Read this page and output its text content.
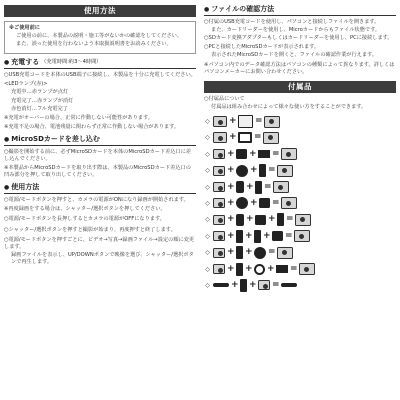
使用方法

※ご使用前に

ご使用の前に、本製品の説明・施工等がないかの確認をしてください。

また、誤った使用を行わないよう本取扱説明書をお読みください。

● 充電する （充電時間:約3〜4時間）

○USB充電コードを本体のUSB端子に接続し、本製品を十分に充電してください。

<LEDランプ(赤)>

充電中…赤ランプが点灯

充電完了…赤ランプが消灯

赤色消灯…フル充電完了

※充電がオーバーの場合、正常に作動しない可能性があります。

※充電不足の場合、電池残量に関わらず正常に作動しない場合があります。

● MicroSDカードを差し込む

○撮影を開始する前に、必ずMicroSDカードを本体のMicroSDカード差込口に差し込んでください。

※本製品からMicroSDカードを取り出す際は、本製品のMicroSDカード差込口の凹み部分を押して取り出してください。

● 使用方法

○電源/モードボタンを押すと、カメラの電源がONになり録画が開始されます。

※再度録画をする場合は、シャッター/選択ボタンを押してください。

○電源/モードボタンを長押しするとカメラの電源がOFFになります。

○シャッター/選択ボタンを押すと撮影が始まり、再度押すと終了します。

○電源/モードボタンを押すごとに、ビデオ→写真→録画ファイル→設定の順に変更します。

録画ファイルを表示し、UP/DOWNボタンで映像を選び、シャッター/選択ボタンで再生します。

● ファイルの確認方法

○付属のUSB充電コードを使用し、パソコンと接続しファイルを開きます。

また、カードリーダーを使用し、Microカードからもファイル状態です。

○SDカード変換アダプターもしくはカードリーダーを使用し、PCに接続します。

○PCと接続したMicroSDカードが表示されます。

表示されたMicroSDカードを開くと、ファイルの確認作業が行えます。

※パソコン内でのデータ確認方法はパソコンの種類によって異なります。詳しくはパソコンメーカーにお問い合わせください。

付属品

○付属品について

付属品は組み合わせによって様々な使い方をすることができます。

◇ + =
◇ + =
◇ + + =
◇ + + =
◇ + + =
◇ + + =
◇ + + + =
◇ + + + =
◇ + + =
◇ + + + =
◇ + + =
